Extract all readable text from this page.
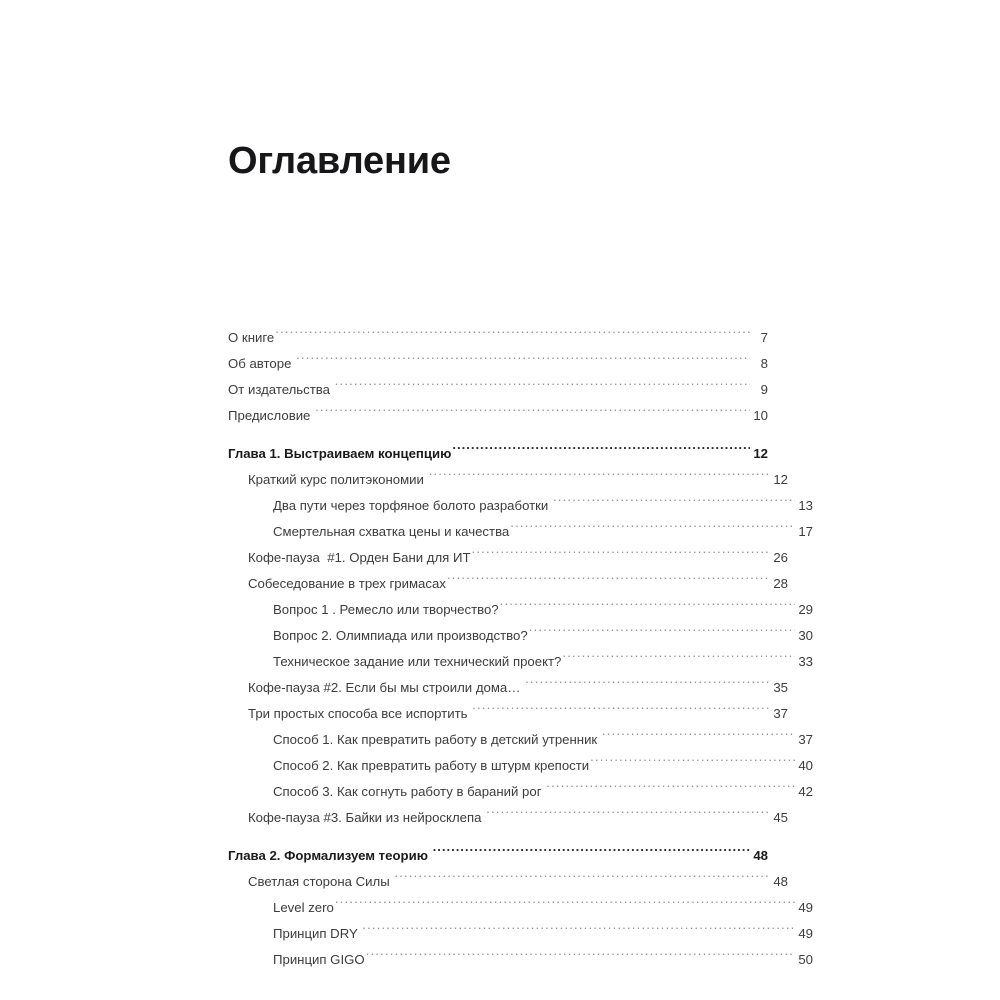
Оглавление
О книге .....	7
Об авторе .....	8
От издательства .....	9
Предисловие .....	10
Глава 1. Выстраиваем концепцию .....	12
Краткий курс политэкономии .....	12
Два пути через торфяное болото разработки .....	13
Смертельная схватка цены и качества .....	17
Кофе-пауза  #1. Орден Бани для ИТ .....	26
Собеседование в трех гримасах .....	28
Вопрос 1 . Ремесло или творчество? .....	29
Вопрос 2. Олимпиада или производство? .....	30
Техническое задание или технический проект? .....	33
Кофе-пауза #2. Если бы мы строили дома… .....	35
Три простых способа все испортить .....	37
Способ 1. Как превратить работу в детский утренник .....	37
Способ 2. Как превратить работу в штурм крепости .....	40
Способ 3. Как согнуть работу в бараний рог .....	42
Кофе-пауза #3. Байки из нейросклепа .....	45
Глава 2. Формализуем теорию .....	48
Светлая сторона Силы .....	48
Level zero .....	49
Принцип DRY .....	49
Принцип GIGO .....	50
